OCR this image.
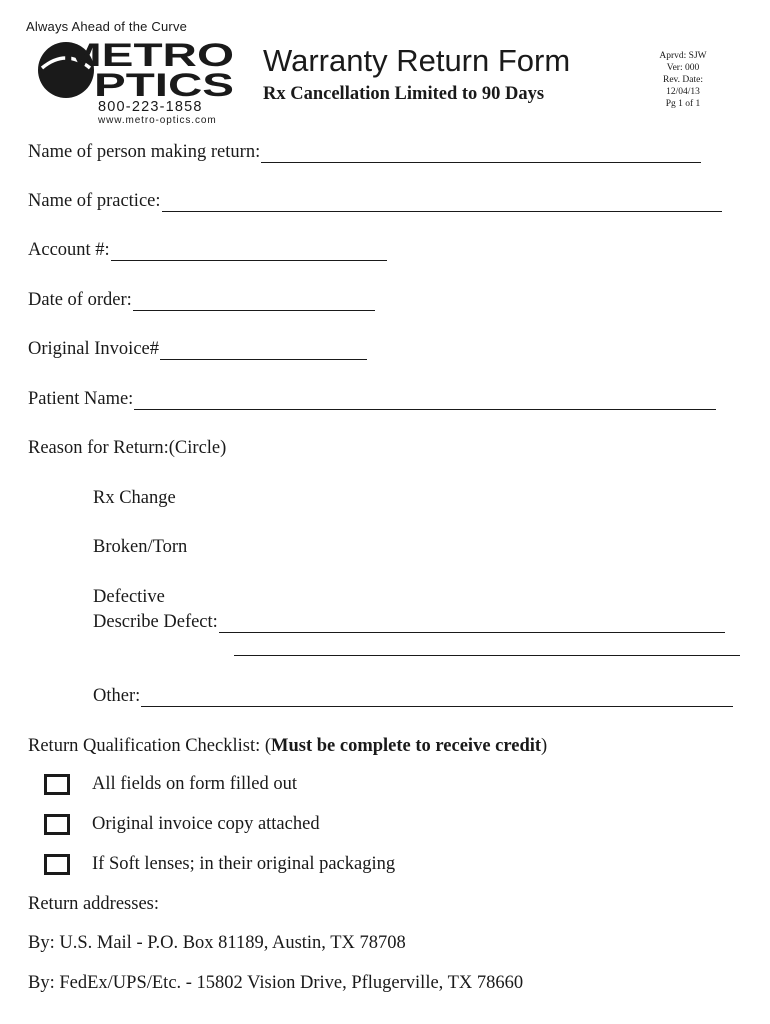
Always Ahead of the Curve
METRO
PTICS
800-223-1858
www.metro-optics.com
Warranty Return Form
Rx Cancellation Limited to 90 Days
Aprvd: SJW
Ver: 000
Rev. Date:
12/04/13
Pg 1 of 1
Name of person making return:
Name of practice:
Account #:
Date of order:
Original Invoice#
Patient Name:
Reason for Return:(Circle)
Rx Change
Broken/Torn
Defective
Describe Defect:
Other:
Return Qualification Checklist: (Must be complete to receive credit)
All fields on form filled out
Original invoice copy attached
If Soft lenses; in their original packaging
Return addresses:
By: U.S. Mail - P.O. Box 81189, Austin, TX 78708
By: FedEx/UPS/Etc. - 15802 Vision Drive, Pflugerville, TX 78660
